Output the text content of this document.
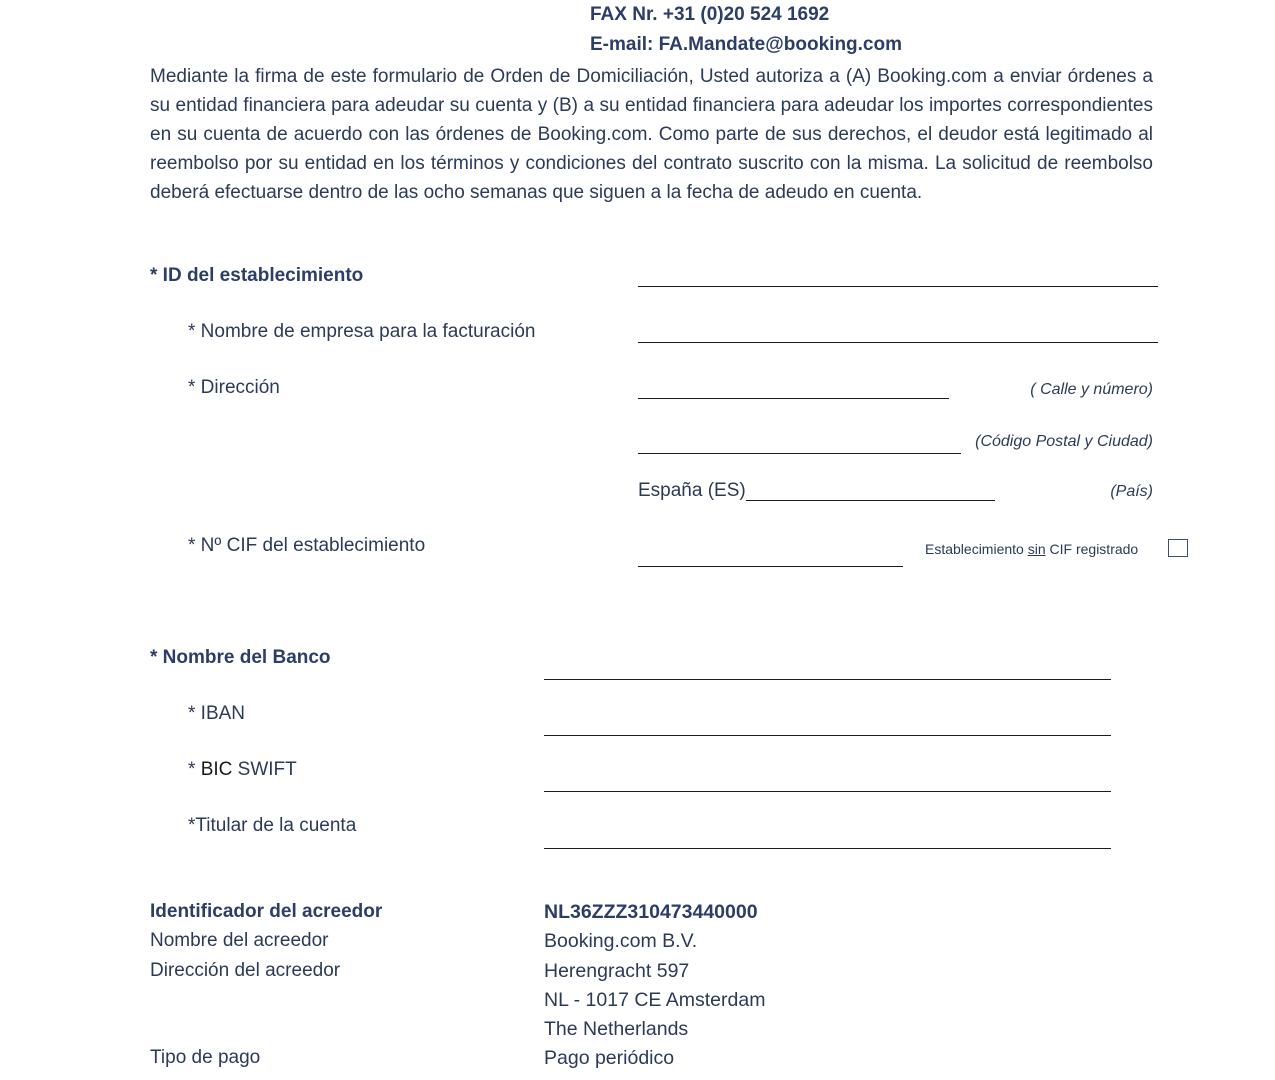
FAX Nr. +31 (0)20 524 1692
E-mail: FA.Mandate@booking.com
Mediante la firma de este formulario de Orden de Domiciliación, Usted autoriza a (A) Booking.com a enviar órdenes a su entidad financiera para adeudar su cuenta y (B) a su entidad financiera para adeudar los importes correspondientes en su cuenta de acuerdo con las órdenes de Booking.com. Como parte de sus derechos, el deudor está legitimado al reembolso por su entidad en los términos y condiciones del contrato suscrito con la misma. La solicitud de reembolso deberá efectuarse dentro de las ocho semanas que siguen a la fecha de adeudo en cuenta.
* ID del establecimiento
* Nombre de empresa para la facturación
* Dirección	( Calle y número)
(Código Postal y Ciudad)
España (ES)	(País)
* Nº CIF del establecimiento	Establecimiento sin CIF registrado
* Nombre del Banco
* IBAN
* BIC SWIFT
*Titular de la cuenta
Identificador del acreedor	NL36ZZZ310473440000
Nombre del acreedor	Booking.com B.V.
Dirección del acreedor	Herengracht 597
NL - 1017 CE Amsterdam
The Netherlands
Tipo de pago	Pago periódico
